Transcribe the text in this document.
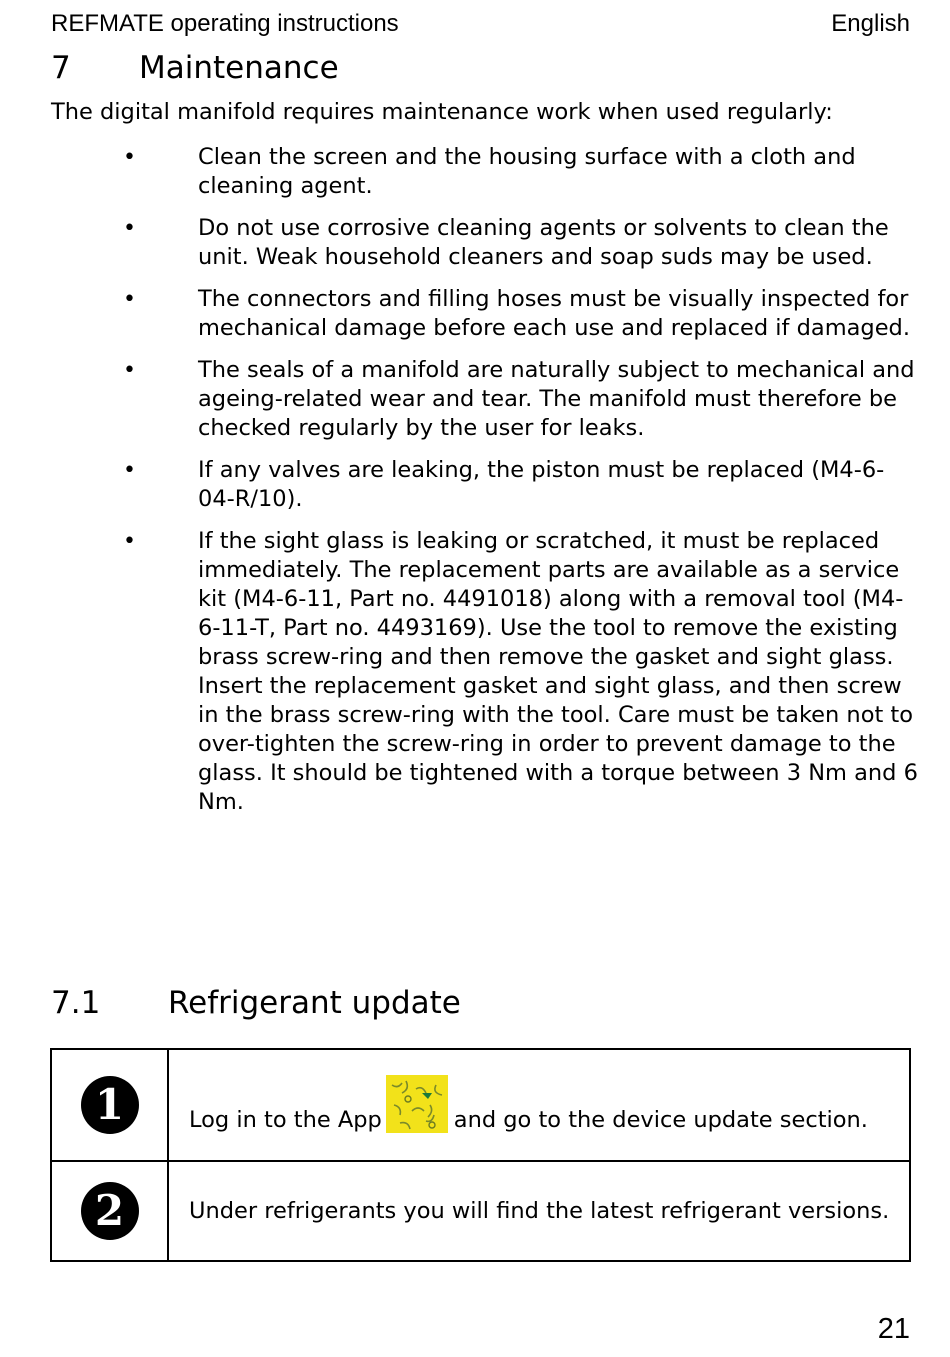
REFMATE operating instructions	English
7 Maintenance
The digital manifold requires maintenance work when used regularly:
•	Clean the screen and the housing surface with a cloth and cleaning agent.
•	Do not use corrosive cleaning agents or solvents to clean the unit. Weak household cleaners and soap suds may be used.
•	The connectors and filling hoses must be visually inspected for mechanical damage before each use and replaced if damaged.
•	The seals of a manifold are naturally subject to mechanical and ageing-related wear and tear. The manifold must therefore be checked regularly by the user for leaks.
•	If any valves are leaking, the piston must be replaced (M4-6-04-R/10).
•	If the sight glass is leaking or scratched, it must be replaced immediately. The replacement parts are available as a service kit (M4-6-11, Part no. 4491018) along with a removal tool (M4-6-11-T, Part no. 4493169). Use the tool to remove the existing brass screw-ring and then remove the gasket and sight glass. Insert the replacement gasket and sight glass, and then screw in the brass screw-ring with the tool. Care must be taken not to over-tighten the screw-ring in order to prevent damage to the glass. It should be tightened with a torque between 3 Nm and 6 Nm.
7.1 Refrigerant update
1	Log in to the App and go to the device update section.
2	Under refrigerants you will find the latest refrigerant versions.
21
